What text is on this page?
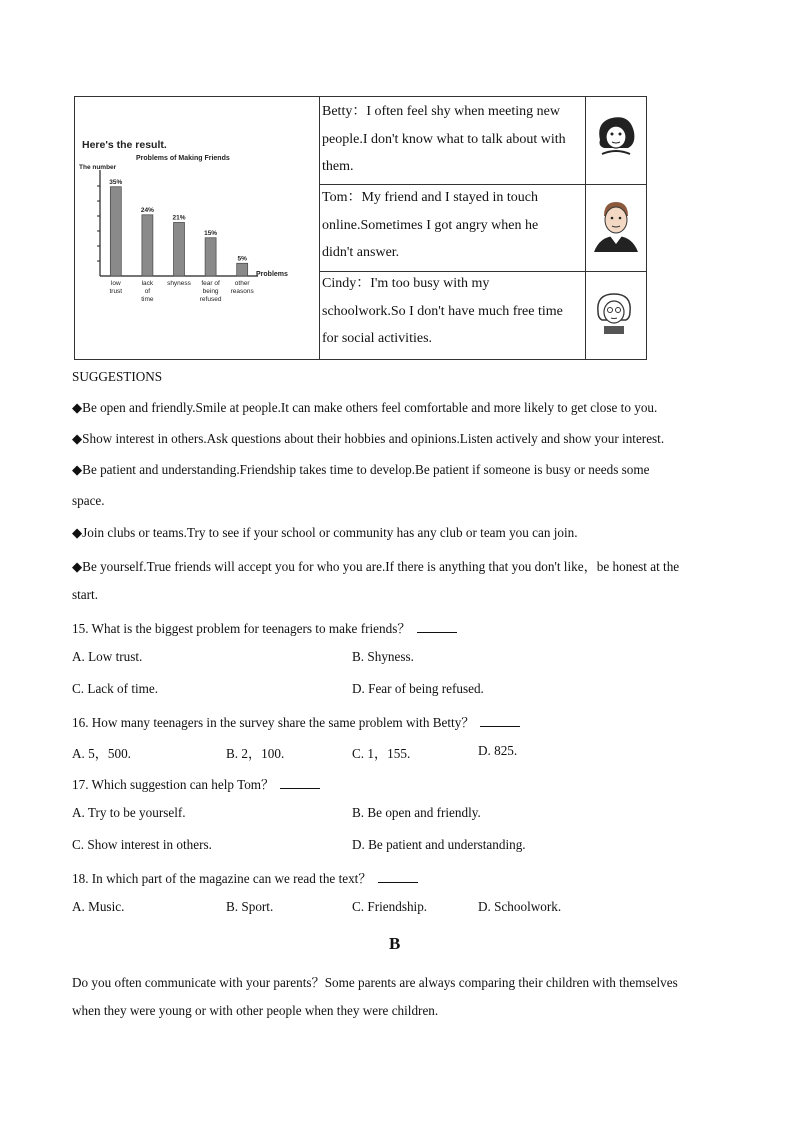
Here's the result.
Problems of Making Friends
The number
Problems
35%
low
trust
24%
lack
of
time
21%
shyness
15%
fear of
being
refused
5%
other
reasons
Betty：I often feel shy when meeting new people.I don't know what to talk about with them.
Tom：My friend and I stayed in touch online.Sometimes I got angry when he didn't answer.
Cindy：I'm too busy with my schoolwork.So I don't have much free time for social activities.
SUGGESTIONS
◆Be open and friendly.Smile at people.It can make others feel comfortable and more likely to get close to you.
◆Show interest in others.Ask questions about their hobbies and opinions.Listen actively and show your interest.
◆Be patient and understanding.Friendship takes time to develop.Be patient if someone is busy or needs some
space.
◆Join clubs or teams.Try to see if your school or community has any club or team you can join.
◆Be yourself.True friends will accept you for who you are.If there is anything that you don't like，be honest at the
start.
15. What is the biggest problem for teenagers to make friends？
A. Low trust.	B. Shyness.
C. Lack of time.	D. Fear of being refused.
16. How many teenagers in the survey share the same problem with Betty？
A. 5，500.	B. 2，100.	C. 1，155.	D. 825.
17. Which suggestion can help Tom？
A. Try to be yourself.	B. Be open and friendly.
C. Show interest in others.	D. Be patient and understanding.
18. In which part of the magazine can we read the text？
A. Music.	B. Sport.	C. Friendship.	D. Schoolwork.
B
Do you often communicate with your parents？Some parents are always comparing their children with themselves
when they were young or with other people when they were children.
